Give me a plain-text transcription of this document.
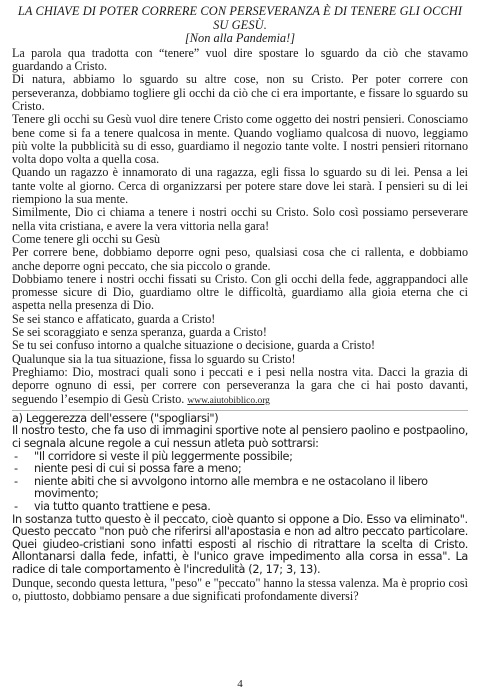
LA CHIAVE DI POTER CORRERE CON PERSEVERANZA È DI TENERE GLI OCCHI SU GESÙ.
[Non alla Pandemia!]

La parola qua tradotta con “tenere” vuol dire spostare lo sguardo da ciò che stavamo guardando a Cristo.

Di natura, abbiamo lo sguardo su altre cose, non su Cristo. Per poter correre con perseveranza, dobbiamo togliere gli occhi da ciò che ci era importante, e fissare lo sguardo su Cristo.

Tenere gli occhi su Gesù vuol dire tenere Cristo come oggetto dei nostri pensieri. Conosciamo bene come si fa a tenere qualcosa in mente. Quando vogliamo qualcosa di nuovo, leggiamo più volte la pubblicità su di esso, guardiamo il negozio tante volte. I nostri pensieri ritornano volta dopo volta a quella cosa.

Quando un ragazzo è innamorato di una ragazza, egli fissa lo sguardo su di lei. Pensa a lei tante volte al giorno. Cerca di organizzarsi per potere stare dove lei starà. I pensieri su di lei riempiono la sua mente.

Similmente, Dio ci chiama a tenere i nostri occhi su Cristo. Solo così possiamo perseverare nella vita cristiana, e avere la vera vittoria nella gara!

Come tenere gli occhi su Gesù

Per correre bene, dobbiamo deporre ogni peso, qualsiasi cosa che ci rallenta, e dobbiamo anche deporre ogni peccato, che sia piccolo o grande.

Dobbiamo tenere i nostri occhi fissati su Cristo. Con gli occhi della fede, aggrappandoci alle promesse sicure di Dio, guardiamo oltre le difficoltà, guardiamo alla gioia eterna che ci aspetta nella presenza di Dio.

Se sei stanco e affaticato, guarda a Cristo!

Se sei scoraggiato e senza speranza, guarda a Cristo!

Se tu sei confuso intorno a qualche situazione o decisione, guarda a Cristo!

Qualunque sia la tua situazione, fissa lo sguardo su Cristo!

Preghiamo: Dio, mostraci quali sono i peccati e i pesi nella nostra vita. Dacci la grazia di deporre ognuno di essi, per correre con perseveranza la gara che ci hai posto davanti, seguendo l’esempio di Gesù Cristo. www.aiutobiblico.org

a) Leggerezza dell'essere ("spogliarsi")

Il nostro testo, che fa uso di immagini sportive note al pensiero paolino e postpaolino, ci segnala alcune regole a cui nessun atleta può sottrarsi:

- "Il corridore si veste il più leggermente possibile;
- niente pesi di cui si possa fare a meno;
- niente abiti che si avvolgono intorno alle membra e ne ostacolano il libero movimento;
- via tutto quanto trattiene e pesa.

In sostanza tutto questo è il peccato, cioè quanto si oppone a Dio. Esso va eliminato".

Questo peccato "non può che riferirsi all'apostasia e non ad altro peccato particolare. Quei giudeo-cristiani sono infatti esposti al rischio di ritrattare la scelta di Cristo. Allontanarsi dalla fede, infatti, è l'unico grave impedimento alla corsa in essa". La radice di tale comportamento è l'incredulità (2, 17; 3, 13).

Dunque, secondo questa lettura, "peso" e "peccato" hanno la stessa valenza. Ma è proprio così o, piuttosto, dobbiamo pensare a due significati profondamente diversi?

4
